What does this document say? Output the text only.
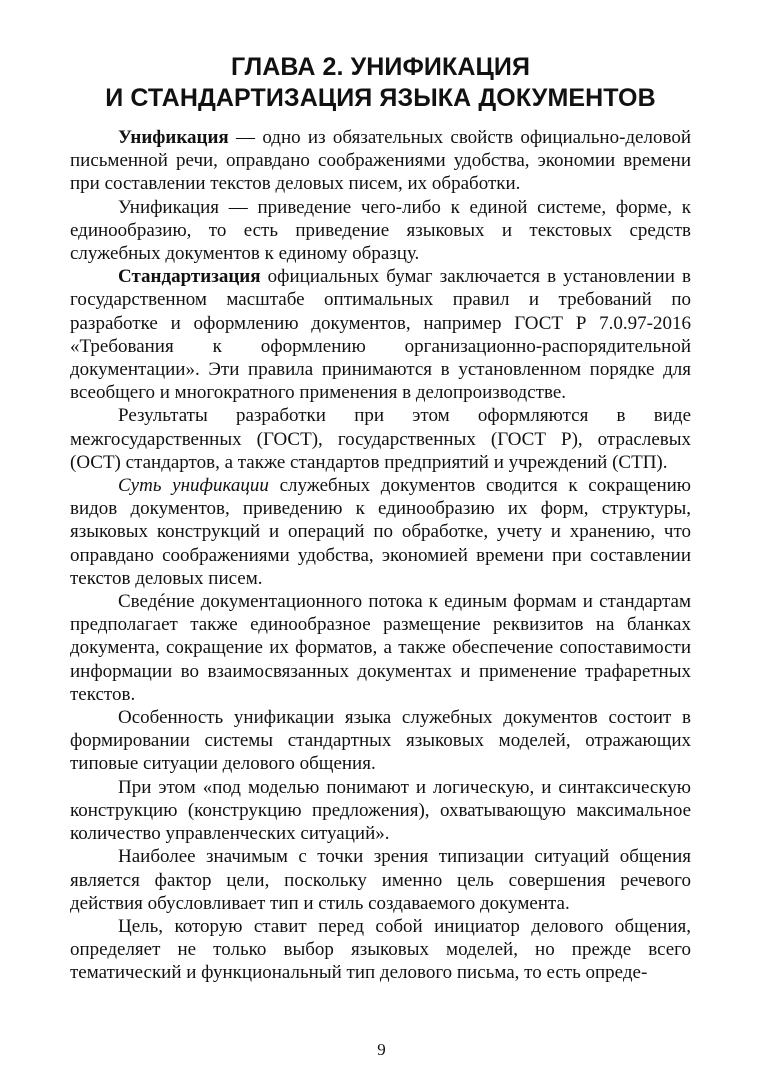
ГЛАВА 2. УНИФИКАЦИЯ
И СТАНДАРТИЗАЦИЯ ЯЗЫКА ДОКУМЕНТОВ

Унификация — одно из обязательных свойств официально-деловой письменной речи, оправдано соображениями удобства, экономии времени при составлении текстов деловых писем, их обработки.

Унификация — приведение чего-либо к единой системе, форме, к единообразию, то есть приведение языковых и текстовых средств служебных документов к единому образцу.

Стандартизация официальных бумаг заключается в установлении в государственном масштабе оптимальных правил и требований по разработке и оформлению документов, например ГОСТ Р 7.0.97-2016 «Требования к оформлению организационно-распорядительной документации». Эти правила принимаются в установленном порядке для всеобщего и многократного применения в делопроизводстве.

Результаты разработки при этом оформляются в виде межгосударственных (ГОСТ), государственных (ГОСТ Р), отраслевых (ОСТ) стандартов, а также стандартов предприятий и учреждений (СТП).

Суть унификации служебных документов сводится к сокращению видов документов, приведению к единообразию их форм, структуры, языковых конструкций и операций по обработке, учету и хранению, что оправдано соображениями удобства, экономией времени при составлении текстов деловых писем.

Сведéние документационного потока к единым формам и стандартам предполагает также единообразное размещение реквизитов на бланках документа, сокращение их форматов, а также обеспечение сопоставимости информации во взаимосвязанных документах и применение трафаретных текстов.

Особенность унификации языка служебных документов состоит в формировании системы стандартных языковых моделей, отражающих типовые ситуации делового общения.

При этом «под моделью понимают и логическую, и синтаксическую конструкцию (конструкцию предложения), охватывающую максимальное количество управленческих ситуаций».

Наиболее значимым с точки зрения типизации ситуаций общения является фактор цели, поскольку именно цель совершения речевого действия обусловливает тип и стиль создаваемого документа.

Цель, которую ставит перед собой инициатор делового общения, определяет не только выбор языковых моделей, но прежде всего тематический и функциональный тип делового письма, то есть опреде-

9
